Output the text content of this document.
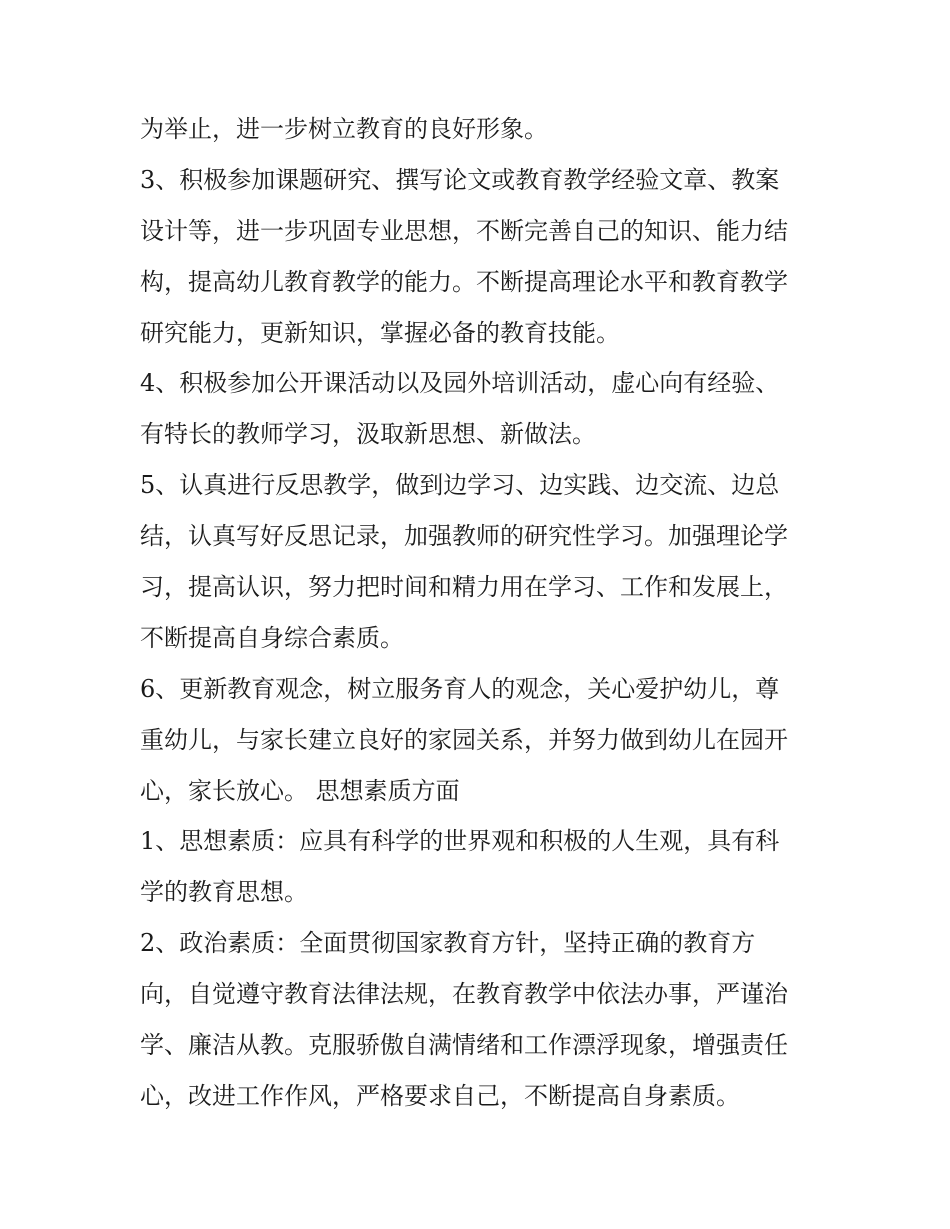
为举止，进一步树立教育的良好形象。
3、积极参加课题研究、撰写论文或教育教学经验文章、教案
设计等，进一步巩固专业思想，不断完善自己的知识、能力结
构，提高幼儿教育教学的能力。不断提高理论水平和教育教学
研究能力，更新知识，掌握必备的教育技能。
4、积极参加公开课活动以及园外培训活动，虚心向有经验、
有特长的教师学习，汲取新思想、新做法。
5、认真进行反思教学，做到边学习、边实践、边交流、边总
结，认真写好反思记录，加强教师的研究性学习。加强理论学
习，提高认识，努力把时间和精力用在学习、工作和发展上，
不断提高自身综合素质。
6、更新教育观念，树立服务育人的观念，关心爱护幼儿，尊
重幼儿，与家长建立良好的家园关系，并努力做到幼儿在园开
心，家长放心。 思想素质方面
1、思想素质：应具有科学的世界观和积极的人生观，具有科
学的教育思想。
2、政治素质：全面贯彻国家教育方针，坚持正确的教育方
向，自觉遵守教育法律法规，在教育教学中依法办事，严谨治
学、廉洁从教。克服骄傲自满情绪和工作漂浮现象，增强责任
心，改进工作作风，严格要求自己，不断提高自身素质。
